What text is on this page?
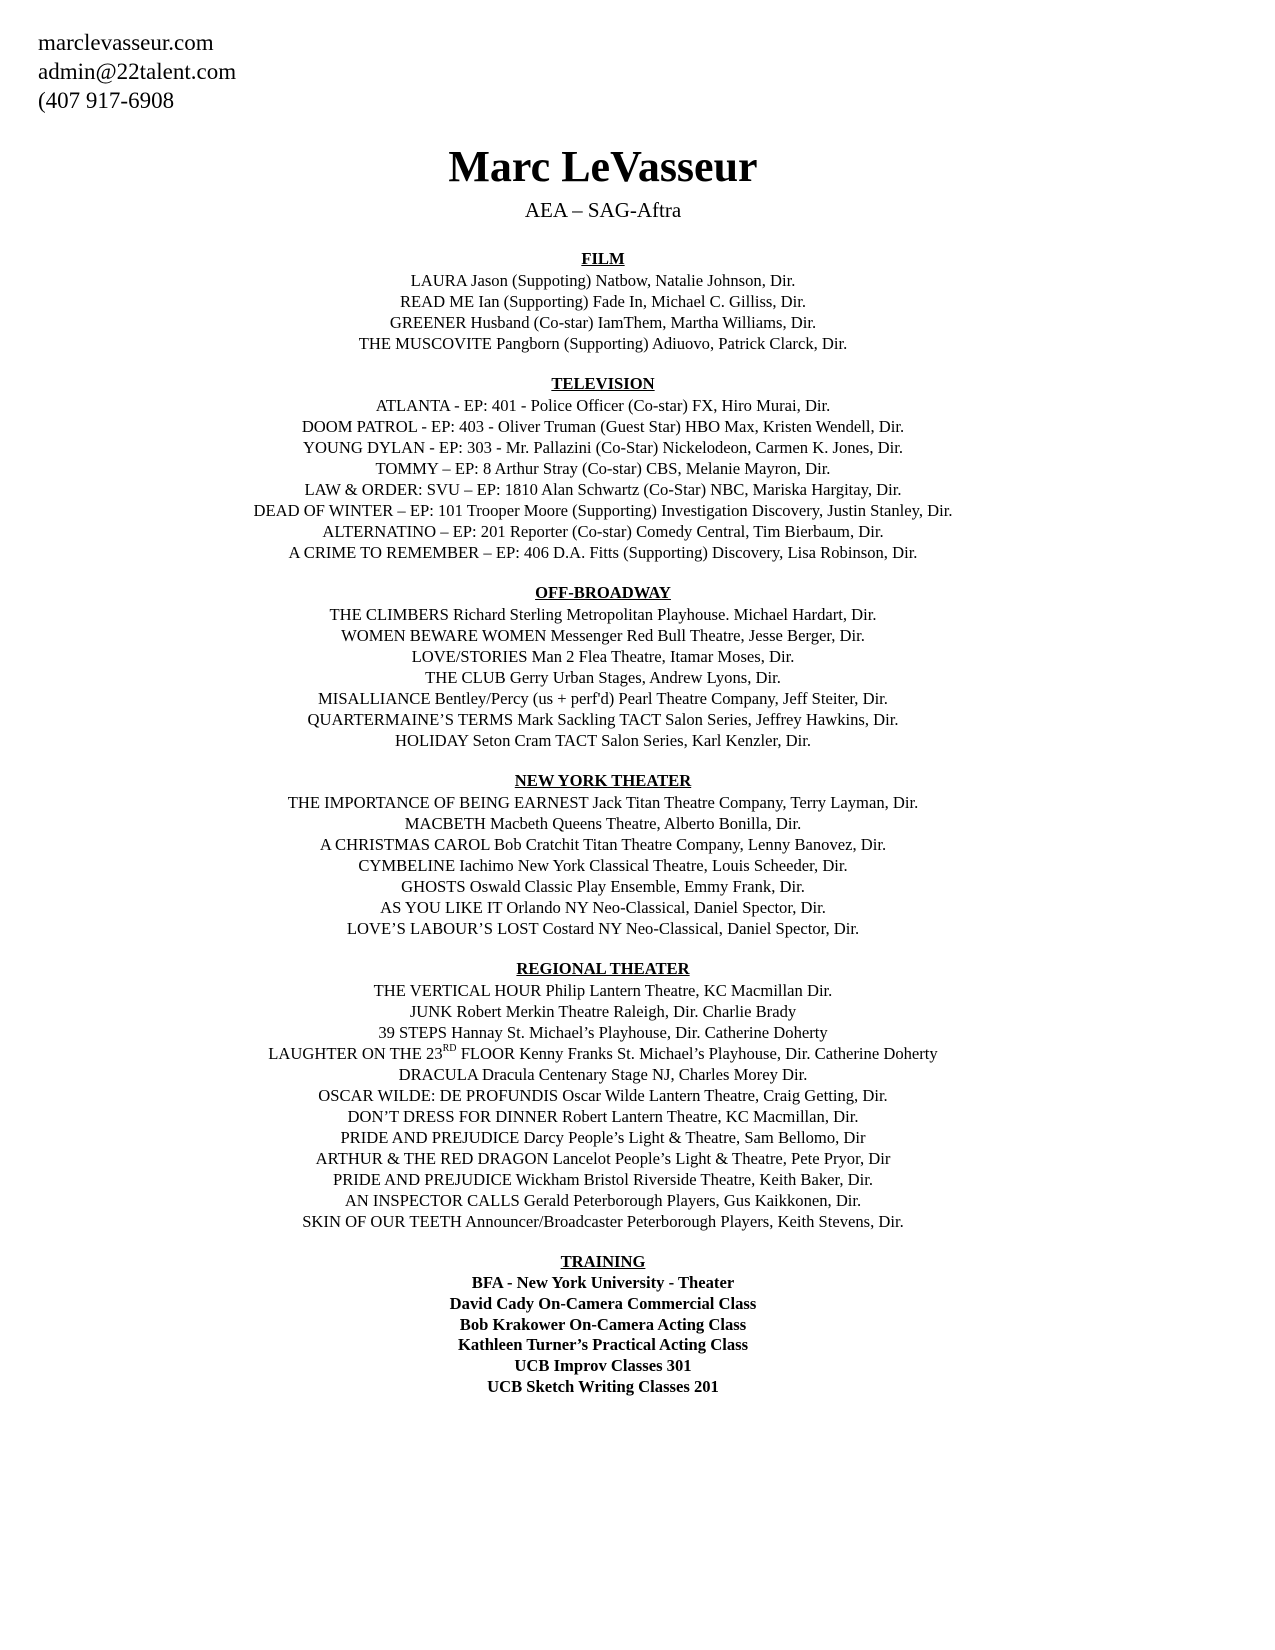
marclevasseur.com
admin@22talent.com
(407 917-6908
Marc LeVasseur
AEA – SAG-Aftra
FILM
LAURA Jason (Suppoting) Natbow, Natalie Johnson, Dir.
READ ME Ian (Supporting) Fade In, Michael C. Gilliss, Dir.
GREENER Husband (Co-star) IamThem, Martha Williams, Dir.
THE MUSCOVITE Pangborn (Supporting) Adiuovo, Patrick Clarck, Dir.
TELEVISION
ATLANTA - EP: 401 - Police Officer (Co-star) FX, Hiro Murai, Dir.
DOOM PATROL - EP: 403 - Oliver Truman (Guest Star) HBO Max, Kristen Wendell, Dir.
YOUNG DYLAN - EP: 303 - Mr. Pallazini (Co-Star) Nickelodeon, Carmen K. Jones, Dir.
TOMMY – EP: 8 Arthur Stray (Co-star) CBS, Melanie Mayron, Dir.
LAW & ORDER: SVU – EP: 1810 Alan Schwartz (Co-Star) NBC, Mariska Hargitay, Dir.
DEAD OF WINTER – EP: 101 Trooper Moore (Supporting) Investigation Discovery, Justin Stanley, Dir.
ALTERNATINO – EP: 201 Reporter (Co-star) Comedy Central, Tim Bierbaum, Dir.
A CRIME TO REMEMBER – EP: 406 D.A. Fitts (Supporting) Discovery, Lisa Robinson, Dir.
OFF-BROADWAY
THE CLIMBERS Richard Sterling Metropolitan Playhouse. Michael Hardart, Dir.
WOMEN BEWARE WOMEN Messenger Red Bull Theatre, Jesse Berger, Dir.
LOVE/STORIES Man 2 Flea Theatre, Itamar Moses, Dir.
THE CLUB Gerry Urban Stages, Andrew Lyons, Dir.
MISALLIANCE Bentley/Percy (us + perf'd) Pearl Theatre Company, Jeff Steiter, Dir.
QUARTERMAINE’S TERMS Mark Sackling TACT Salon Series, Jeffrey Hawkins, Dir.
HOLIDAY Seton Cram TACT Salon Series, Karl Kenzler, Dir.
NEW YORK THEATER
THE IMPORTANCE OF BEING EARNEST Jack Titan Theatre Company, Terry Layman, Dir.
MACBETH Macbeth Queens Theatre, Alberto Bonilla, Dir.
A CHRISTMAS CAROL Bob Cratchit Titan Theatre Company, Lenny Banovez, Dir.
CYMBELINE Iachimo New York Classical Theatre, Louis Scheeder, Dir.
GHOSTS Oswald Classic Play Ensemble, Emmy Frank, Dir.
AS YOU LIKE IT Orlando NY Neo-Classical, Daniel Spector, Dir.
LOVE’S LABOUR’S LOST Costard NY Neo-Classical, Daniel Spector, Dir.
REGIONAL THEATER
THE VERTICAL HOUR Philip Lantern Theatre, KC Macmillan Dir.
JUNK Robert Merkin Theatre Raleigh, Dir. Charlie Brady
39 STEPS Hannay St. Michael’s Playhouse, Dir. Catherine Doherty
LAUGHTER ON THE 23RD FLOOR Kenny Franks St. Michael’s Playhouse, Dir. Catherine Doherty
DRACULA Dracula Centenary Stage NJ, Charles Morey Dir.
OSCAR WILDE: DE PROFUNDIS Oscar Wilde Lantern Theatre, Craig Getting, Dir.
DON’T DRESS FOR DINNER Robert Lantern Theatre, KC Macmillan, Dir.
PRIDE AND PREJUDICE Darcy People’s Light & Theatre, Sam Bellomo, Dir
ARTHUR & THE RED DRAGON Lancelot People’s Light & Theatre, Pete Pryor, Dir
PRIDE AND PREJUDICE Wickham Bristol Riverside Theatre, Keith Baker, Dir.
AN INSPECTOR CALLS Gerald Peterborough Players, Gus Kaikkonen, Dir.
SKIN OF OUR TEETH Announcer/Broadcaster Peterborough Players, Keith Stevens, Dir.
TRAINING
BFA - New York University - Theater
David Cady On-Camera Commercial Class
Bob Krakower On-Camera Acting Class
Kathleen Turner’s Practical Acting Class
UCB Improv Classes 301
UCB Sketch Writing Classes 201
